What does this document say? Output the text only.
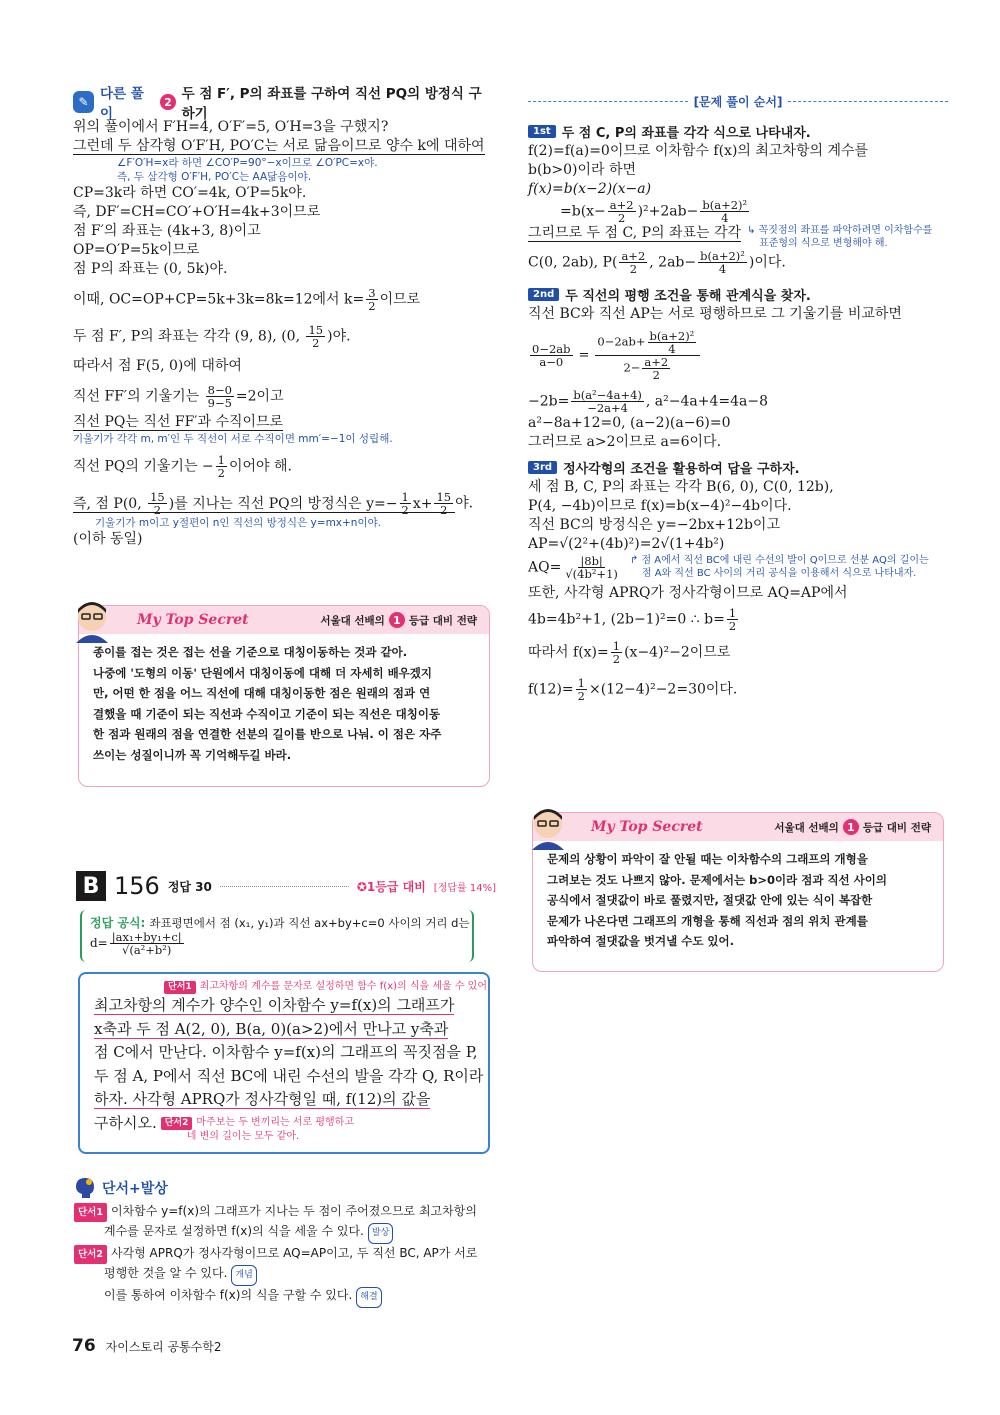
✎ 다른 풀이
2 두 점 F′, P의 좌표를 구하여 직선 PQ의 방정식 구하기

위의 풀이에서 F′H=4, O′F′=5, O′H=3을 구했지?

그런데 두 삼각형 O′F′H, PO′C는 서로 닮음이므로 양수 k에 대하여

∠F′O′H=x라 하면 ∠CO′P=90°−x이므로 ∠O′PC=x야.
즉, 두 삼각형 O′F′H, PO′C는 AA닮음이야.

CP=3k라 하면 CO′=4k, O′P=5k야.

즉, DF′=CH=CO′+O′H=4k+3이므로

점 F′의 좌표는 (4k+3, 8)이고

OP=O′P=5k이므로

점 P의 좌표는 (0, 5k)야.

이때, OC=OP+CP=5k+3k=8k=12에서 $k= \frac{3}{2}$ 이므로

두 점 F′, P의 좌표는 각각 (9, 8), (0, $\frac{15}{2}$ )야.

따라서 점 F(5, 0)에 대하여

직선 FF′의 기울기는 $\frac{8-0}{9-5} =2$이고

직선 PQ는 직선 FF′과 수직이므로

기울기가 각각 m, m′인 두 직선이 서로 수직이면 mm′=−1이 성립해.

직선 PQ의 기울기는 − $\frac{1}{2}$ 이어야 해.

즉, 점 P(0, $\frac{15}{2}$ )를 지나는 직선 PQ의 방정식은 $y=- \frac{1}{2} x+ \frac{15}{2}$ 야.

기울기가 m이고 y절편이 n인 직선의 방정식은 y=mx+n이야.

(이하 동일)

My Top Secret	서울대 선배의 1 등급 대비 전략
종이를 접는 것은 접는 선을 기준으로 대칭이동하는 것과 같아.
나중에 '도형의 이동' 단원에서 대칭이동에 대해 더 자세히 배우겠지
만, 어떤 한 점을 어느 직선에 대해 대칭이동한 점은 원래의 점과 연
결했을 때 기준이 되는 직선과 수직이고 기준이 되는 직선은 대칭이동
한 점과 원래의 점을 연결한 선분의 길이를 반으로 나눠. 이 점은 자주
쓰이는 성질이니까 꼭 기억해두길 바라.
B 156 정답 30	✪1등급 대비 [정답률 14%]
정답 공식: 좌표평면에서 점 (x₁, y₁)과 직선 ax+by+c=0 사이의 거리 d는
$d= \frac{\text{|ax₁+by₁+c|}}{\text{√(a²+b²)}}$
단서1 최고차항의 계수를 문자로 설정하면 함수 f(x)의 식을 세울 수 있어.

최고차항의 계수가 양수인 이차함수 y=f(x)의 그래프가

x축과 두 점 A(2, 0), B(a, 0)(a>2)에서 만나고 y축과

점 C에서 만난다. 이차함수 y=f(x)의 그래프의 꼭짓점을 P,

두 점 A, P에서 직선 BC에 내린 수선의 발을 각각 Q, R이라

하자. 사각형 APRQ가 정사각형일 때, f(12)의 값을

구하시오. 단서2 마주보는 두 변끼리는 서로 평행하고
네 변의 길이는 모두 같아.
단서+발상
단서1 이차함수 y=f(x)의 그래프가 지나는 두 점이 주어졌으므로 최고차항의
계수를 문자로 설정하면 f(x)의 식을 세울 수 있다. 발상
단서2 사각형 APRQ가 정사각형이므로 AQ=AP이고, 두 직선 BC, AP가 서로
평행한 것을 알 수 있다. 개념
이를 통하여 이차함수 f(x)의 식을 구할 수 있다. 해결
76 자이스토리 공통수학2
[문제 풀이 순서]
1st 두 점 C, P의 좌표를 각각 식으로 나타내자.

f(2)=f(a)=0이므로 이차함수 f(x)의 최고차항의 계수를

b(b>0)이라 하면

f(x)=b(x−2)(x−a)

$=b(x- \frac{a+2}{2} )^2+2ab- \frac{\text{b(a+2)²}}{4}$

그리므로 두 점 C, P의 좌표는 각각 ↳ 꼭짓점의 좌표를 파악하려면 이차함수를
표준형의 식으로 변형해야 해.

C(0, 2ab), $P( \frac{a+2}{2}$ , $2ab- \frac{\text{b(a+2)²}}{4}$ )이다.

2nd 두 직선의 평행 조건을 통해 관계식을 찾자.

직선 BC와 직선 AP는 서로 평행하므로 그 기울기를 비교하면

$\frac{0-2ab}{a-0} = \frac{0-2ab+ \frac{\text{b(a+2)²}}{4}}{2- \frac{a+2}{2}}$

$-2b= \frac{\text{b(a²−4a+4)}}{-2a+4}$ , a²−4a+4=4a−8

a²−8a+12=0, (a−2)(a−6)=0

그러므로 a>2이므로 a=6이다.

3rd 정사각형의 조건을 활용하여 답을 구하자.

세 점 B, C, P의 좌표는 각각 B(6, 0), C(0, 12b),

P(4, −4b)이므로 f(x)=b(x−4)²−4b이다.

직선 BC의 방정식은 y=−2bx+12b이고

AP=√(2²+(4b)²)=2√(1+4b²)

$AQ= \frac{|8b|}{\text{√(4b²+1)}}$ ↱ 점 A에서 직선 BC에 내린 수선의 발이 Q이므로 선분 AQ의 길이는
점 A와 직선 BC 사이의 거리 공식을 이용해서 식으로 나타내자.

또한, 사각형 APRQ가 정사각형이므로 AQ=AP에서

4b=4b²+1, (2b−1)²=0 ∴ $b= \frac{1}{2}$

따라서 $f(x)= \frac{1}{2} (x-4)^2-2$이므로

$f(12)= \frac{1}{2} \times(12-4)^2-2=30$이다.

My Top Secret	서울대 선배의 1 등급 대비 전략
문제의 상황이 파악이 잘 안될 때는 이차함수의 그래프의 개형을
그려보는 것도 나쁘지 않아. 문제에서는 b>0이라 점과 직선 사이의
공식에서 절댓값이 바로 풀렸지만, 절댓값 안에 있는 식이 복잡한
문제가 나온다면 그래프의 개형을 통해 직선과 점의 위치 관계를
파악하여 절댓값을 벗겨낼 수도 있어.
